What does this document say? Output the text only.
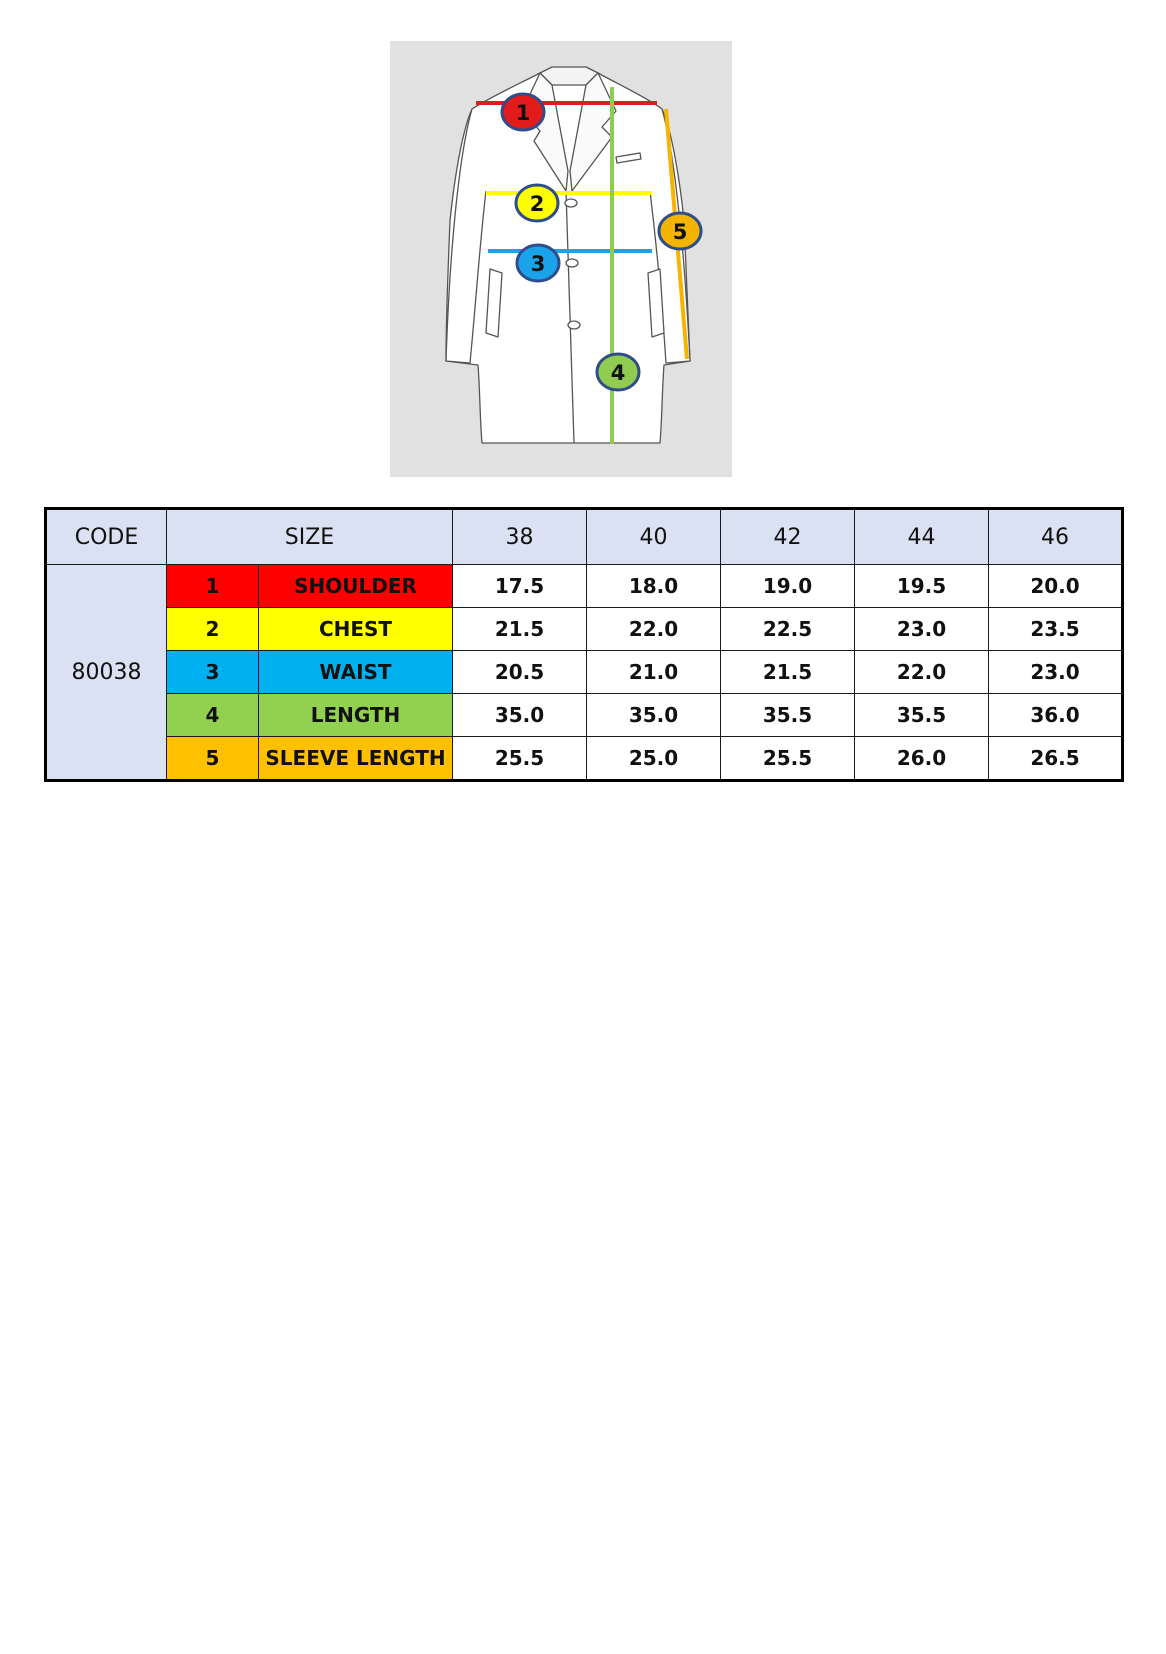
1
2
3
4
5
CODE	SIZE		38	40	42	44	46
80038	1	SHOULDER	17.5	18.0	19.0	19.5	20.0
	2	CHEST	21.5	22.0	22.5	23.0	23.5
	3	WAIST	20.5	21.0	21.5	22.0	23.0
	4	LENGTH	35.0	35.0	35.5	35.5	36.0
	5	SLEEVE LENGTH	25.5	25.0	25.5	26.0	26.5
